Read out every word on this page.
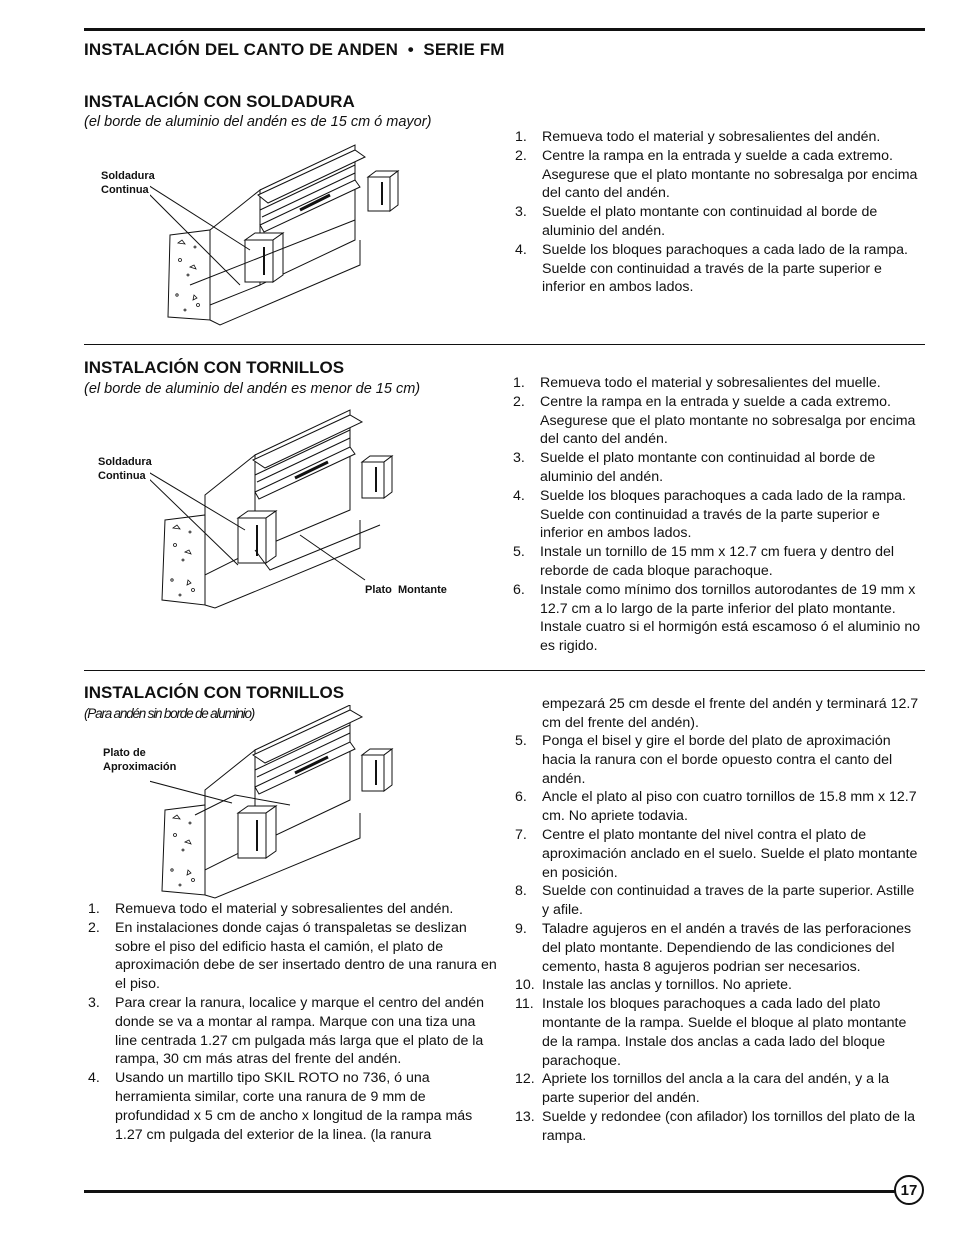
INSTALACIÓN DEL CANTO DE ANDEN  •  SERIE FM
INSTALACIÓN CON SOLDADURA
(el borde de aluminio del andén es de 15 cm ó mayor)
Soldadura
Continua
1.	Remueva todo el material y sobresalientes del andén.
2.	Centre la rampa en la entrada y suelde a cada extremo. Asegurese que el plato montante no sobresalga por encima del canto del andén.
3.	Suelde el plato montante con continuidad al borde de aluminio del andén.
4.	Suelde los bloques parachoques a cada lado de la rampa. Suelde con continuidad a través de la parte superior e inferior en ambos lados.
INSTALACIÓN CON TORNILLOS
(el borde de aluminio del andén es menor de 15 cm)
Soldadura
Continua
Plato  Montante
1.	Remueva todo el material y sobresalientes del muelle.
2.	Centre la rampa en la entrada y suelde a cada extremo. Asegurese que el plato montante no sobresalga por encima del canto del andén.
3.	Suelde el plato montante con continuidad al borde de aluminio del andén.
4.	Suelde los bloques parachoques a cada lado de la rampa. Suelde con continuidad a través de la parte superior e inferior en ambos lados.
5.	Instale un tornillo de 15 mm x 12.7 cm fuera y dentro del reborde de cada bloque parachoque.
6.	Instale como mínimo dos tornillos autorodantes de 19 mm x 12.7 cm a lo largo de la parte inferior del plato montante. Instale cuatro si el hormigón está escamoso ó el aluminio no es rigido.
INSTALACIÓN CON TORNILLOS
(Para andén sin borde de aluminio)
Plato de
Aproximación
1.	Remueva todo el material y sobresalientes del andén.
2.	En instalaciones donde cajas ó transpaletas se deslizan sobre el piso del edificio hasta el camión, el plato de aproximación debe de ser insertado dentro de una ranura en el piso.
3.	Para crear la ranura, localice y marque el centro del andén donde se va a montar al rampa. Marque con una tiza una line centrada 1.27 cm pulgada más larga que el plato de la rampa, 30 cm más atras del frente del andén.
4.	Usando un martillo tipo SKIL ROTO no 736, ó una herramienta similar, corte una ranura de 9 mm de profundidad x 5 cm de ancho x longitud de la rampa más 1.27 cm pulgada del exterior de la linea. (la ranura
empezará 25 cm desde el frente del andén y terminará 12.7 cm del frente del andén).
5.	Ponga el bisel y gire el borde del plato de aproximación hacia la ranura con el borde opuesto contra el canto del andén.
6.	Ancle el plato al piso con cuatro tornillos de 15.8 mm x 12.7 cm. No apriete todavia.
7.	Centre el plato montante del nivel contra el plato de aproximación anclado en el suelo. Suelde el plato montante en posición.
8.	Suelde con continuidad a traves de la parte superior. Astille y afile.
9.	Taladre agujeros en el andén a través de las perforaciones del plato montante. Dependiendo de las condiciones del cemento, hasta 8 agujeros podrian ser necesarios.
10. Instale las anclas y tornillos. No apriete.
11. Instale los bloques parachoques a cada lado del plato montante de la rampa. Suelde el bloque al plato montante de la rampa. Instale dos anclas a cada lado del bloque parachoque.
12. Apriete los tornillos del ancla a la cara del andén, y a la parte superior del andén.
13. Suelde y redondee (con afilador) los tornillos del plato de la rampa.
17
